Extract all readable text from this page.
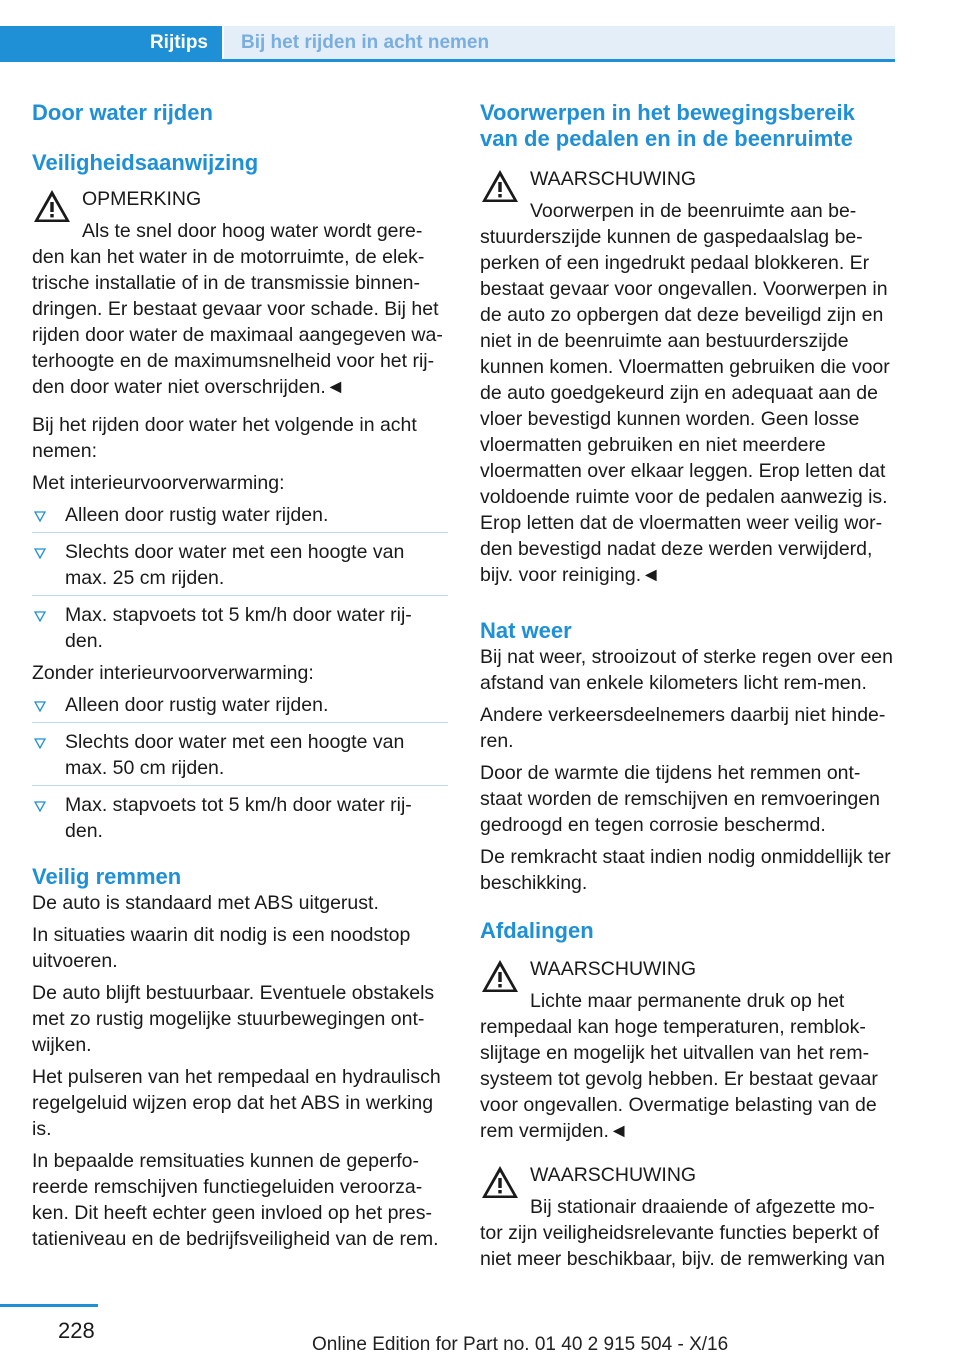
Rijtips	Bij het rijden in acht nemen
Door water rijden
Veiligheidsaanwijzing
OPMERKING

Als te snel door hoog water wordt gere-

den kan het water in de motorruimte, de elek-trische installatie of in de transmissie binnen-dringen. Er bestaat gevaar voor schade. Bij het rijden door water de maximaal aangegeven wa-terhoogte en de maximumsnelheid voor het rij-den door water niet overschrijden.◄

Bij het rijden door water het volgende in acht nemen:

Met interieurvoorverwarming:

Alleen door rustig water rijden.
Slechts door water met een hoogte van max. 25 cm rijden.
Max. stapvoets tot 5 km/h door water rij-den.

Zonder interieurvoorverwarming:

Alleen door rustig water rijden.
Slechts door water met een hoogte van max. 50 cm rijden.
Max. stapvoets tot 5 km/h door water rij-den.
Veilig remmen

De auto is standaard met ABS uitgerust.

In situaties waarin dit nodig is een noodstop uitvoeren.

De auto blijft bestuurbaar. Eventuele obstakels met zo rustig mogelijke stuurbewegingen ont-wijken.

Het pulseren van het rempedaal en hydraulisch regelgeluid wijzen erop dat het ABS in werking is.

In bepaalde remsituaties kunnen de geperfo-reerde remschijven functiegeluiden veroorza-ken. Dit heeft echter geen invloed op het pres-tatieniveau en de bedrijfsveiligheid van de rem.

Voorwerpen in het bewegingsbereik van de pedalen en in de beenruimte
WAARSCHUWING

Voorwerpen in de beenruimte aan be-

stuurderszijde kunnen de gaspedaalslag be-perken of een ingedrukt pedaal blokkeren. Er bestaat gevaar voor ongevallen. Voorwerpen in de auto zo opbergen dat deze beveiligd zijn en niet in de beenruimte aan bestuurderszijde kunnen komen. Vloermatten gebruiken die voor de auto goedgekeurd zijn en adequaat aan de vloer bevestigd kunnen worden. Geen losse vloermatten gebruiken en niet meerdere vloermatten over elkaar leggen. Erop letten dat voldoende ruimte voor de pedalen aanwezig is. Erop letten dat de vloermatten weer veilig wor-den bevestigd nadat deze werden verwijderd, bijv. voor reiniging.◄

Nat weer

Bij nat weer, strooizout of sterke regen over een afstand van enkele kilometers licht rem-men.

Andere verkeersdeelnemers daarbij niet hinde-ren.

Door de warmte die tijdens het remmen ont-staat worden de remschijven en remvoeringen gedroogd en tegen corrosie beschermd.

De remkracht staat indien nodig onmiddellijk ter beschikking.

Afdalingen
WAARSCHUWING

Lichte maar permanente druk op het

rempedaal kan hoge temperaturen, remblok-slijtage en mogelijk het uitvallen van het rem-systeem tot gevolg hebben. Er bestaat gevaar voor ongevallen. Overmatige belasting van de rem vermijden.◄

WAARSCHUWING

Bij stationair draaiende of afgezette mo-

tor zijn veiligheidsrelevante functies beperkt of niet meer beschikbaar, bijv. de remwerking van

228
Online Edition for Part no. 01 40 2 915 504 - X/16
